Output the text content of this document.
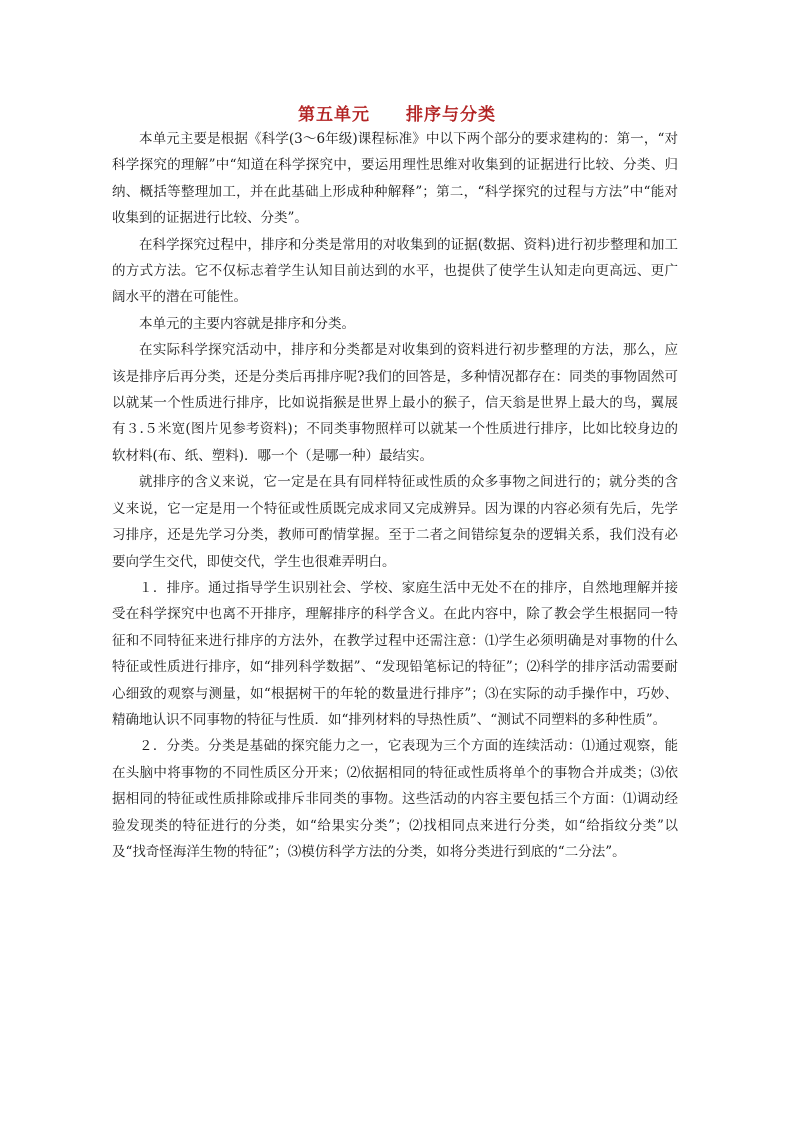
第五单元　　排序与分类

本单元主要是根据《科学(3～6年级)课程标准》中以下两个部分的要求建构的：第一，“对科学探究的理解”中“知道在科学探究中，要运用理性思维对收集到的证据进行比较、分类、归纳、概括等整理加工，并在此基础上形成种种解释”；第二，“科学探究的过程与方法”中“能对收集到的证据进行比较、分类”。

在科学探究过程中，排序和分类是常用的对收集到的证据(数据、资料)进行初步整理和加工的方式方法。它不仅标志着学生认知目前达到的水平，也提供了使学生认知走向更高远、更广阔水平的潜在可能性。

本单元的主要内容就是排序和分类。

在实际科学探究活动中，排序和分类都是对收集到的资料进行初步整理的方法，那么，应该是排序后再分类，还是分类后再排序呢?我们的回答是，多种情况都存在：同类的事物固然可以就某一个性质进行排序，比如说指猴是世界上最小的猴子，信天翁是世界上最大的鸟，翼展有３.５米宽(图片见参考资料)；不同类事物照样可以就某一个性质进行排序，比如比较身边的软材料(布、纸、塑料)．哪一个（是哪一种）最结实。

就排序的含义来说，它一定是在具有同样特征或性质的众多事物之间进行的；就分类的含义来说，它一定是用一个特征或性质既完成求同又完成辨异。因为课的内容必须有先后，先学习排序，还是先学习分类，教师可酌情掌握。至于二者之间错综复杂的逻辑关系，我们没有必要向学生交代，即使交代，学生也很难弄明白。

１．排序。通过指导学生识别社会、学校、家庭生活中无处不在的排序，自然地理解并接受在科学探究中也离不开排序，理解排序的科学含义。在此内容中，除了教会学生根据同一特征和不同特征来进行排序的方法外，在教学过程中还需注意：⑴学生必须明确是对事物的什么特征或性质进行排序，如“排列科学数据”、“发现铅笔标记的特征”；⑵科学的排序活动需要耐心细致的观察与测量，如“根据树干的年轮的数量进行排序”；⑶在实际的动手操作中，巧妙、精确地认识不同事物的特征与性质．如“排列材料的导热性质”、“测试不同塑料的多种性质”。

２．分类。分类是基础的探究能力之一，它表现为三个方面的连续活动：⑴通过观察，能在头脑中将事物的不同性质区分开来；⑵依据相同的特征或性质将单个的事物合并成类；⑶依据相同的特征或性质排除或排斥非同类的事物。这些活动的内容主要包括三个方面：⑴调动经验发现类的特征进行的分类，如“给果实分类”；⑵找相同点来进行分类，如“给指纹分类”以及“找奇怪海洋生物的特征”；⑶模仿科学方法的分类，如将分类进行到底的“二分法”。
